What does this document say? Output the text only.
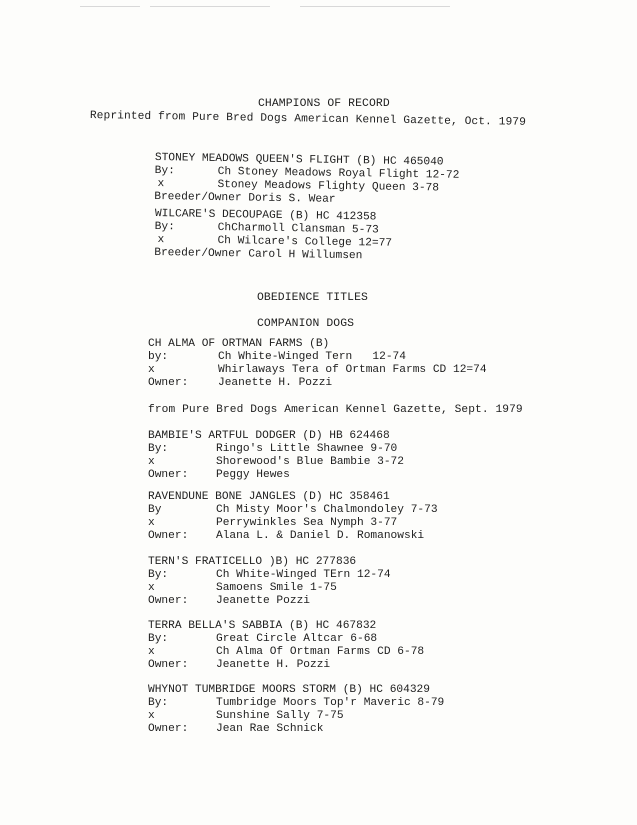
CHAMPIONS OF RECORD
Reprinted from Pure Bred Dogs American Kennel Gazette, Oct. 1979
STONEY MEADOWS QUEEN'S FLIGHT (B) HC 465040
By:	Ch Stoney Meadows Royal Flight 12-72
x	Stoney Meadows Flighty Queen 3-78
Breeder/Owner Doris S. Wear
WILCARE'S DECOUPAGE (B) HC 412358
By:	ChCharmoll Clansman 5-73
x	Ch Wilcare's College 12=77
Breeder/Owner Carol H Willumsen
OBEDIENCE TITLES
COMPANION DOGS
CH ALMA OF ORTMAN FARMS (B)
by:	Ch White-Winged Tern   12-74
x	Whirlaways Tera of Ortman Farms CD 12=74
Owner:	Jeanette H. Pozzi
from Pure Bred Dogs American Kennel Gazette, Sept. 1979
BAMBIE'S ARTFUL DODGER (D) HB 624468
By:	Ringo's Little Shawnee 9-70
x	Shorewood's Blue Bambie 3-72
Owner:	Peggy Hewes
RAVENDUNE BONE JANGLES (D) HC 358461
By	Ch Misty Moor's Chalmondoley 7-73
x	Perrywinkles Sea Nymph 3-77
Owner:	Alana L. & Daniel D. Romanowski
TERN'S FRATICELLO )B) HC 277836
By:	Ch White-Winged TErn 12-74
x	Samoens Smile 1-75
Owner:	Jeanette Pozzi
TERRA BELLA'S SABBIA (B) HC 467832
By:	Great Circle Altcar 6-68
x	Ch Alma Of Ortman Farms CD 6-78
Owner:	Jeanette H. Pozzi
WHYNOT TUMBRIDGE MOORS STORM (B) HC 604329
By:	Tumbridge Moors Top'r Maveric 8-79
x	Sunshine Sally 7-75
Owner:	Jean Rae Schnick
